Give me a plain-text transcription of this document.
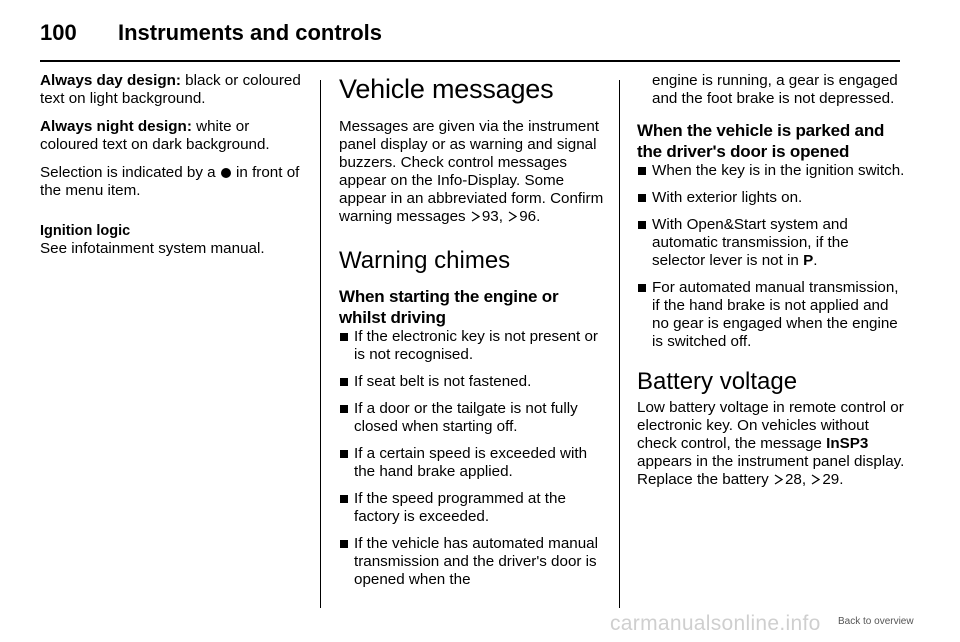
100 Instruments and controls

Always day design: black or coloured text on light background.

Always night design: white or coloured text on dark background.

Selection is indicated by a  in front of the menu item.

Ignition logic

See infotainment system manual.

Vehicle messages

Messages are given via the instrument panel display or as warning and signal buzzers. Check control messages appear on the Info-Display. Some appear in an abbreviated form. Confirm warning messages 93, 96.

Warning chimes
When starting the engine or whilst driving
If the electronic key is not present or is not recognised.
If seat belt is not fastened.
If a door or the tailgate is not fully closed when starting off.
If a certain speed is exceeded with the hand brake applied.
If the speed programmed at the factory is exceeded.
If the vehicle has automated manual transmission and the driver's door is opened when the

engine is running, a gear is engaged and the foot brake is not depressed.

When the vehicle is parked and the driver's door is opened
When the key is in the ignition switch.
With exterior lights on.
With Open&Start system and automatic transmission, if the selector lever is not in P.
For automated manual transmission, if the hand brake is not applied and no gear is engaged when the engine is switched off.
Battery voltage

Low battery voltage in remote control or electronic key. On vehicles without check control, the message InSP3 appears in the instrument panel display. Replace the battery 28, 29.

carmanualsonline.info Back to overview
